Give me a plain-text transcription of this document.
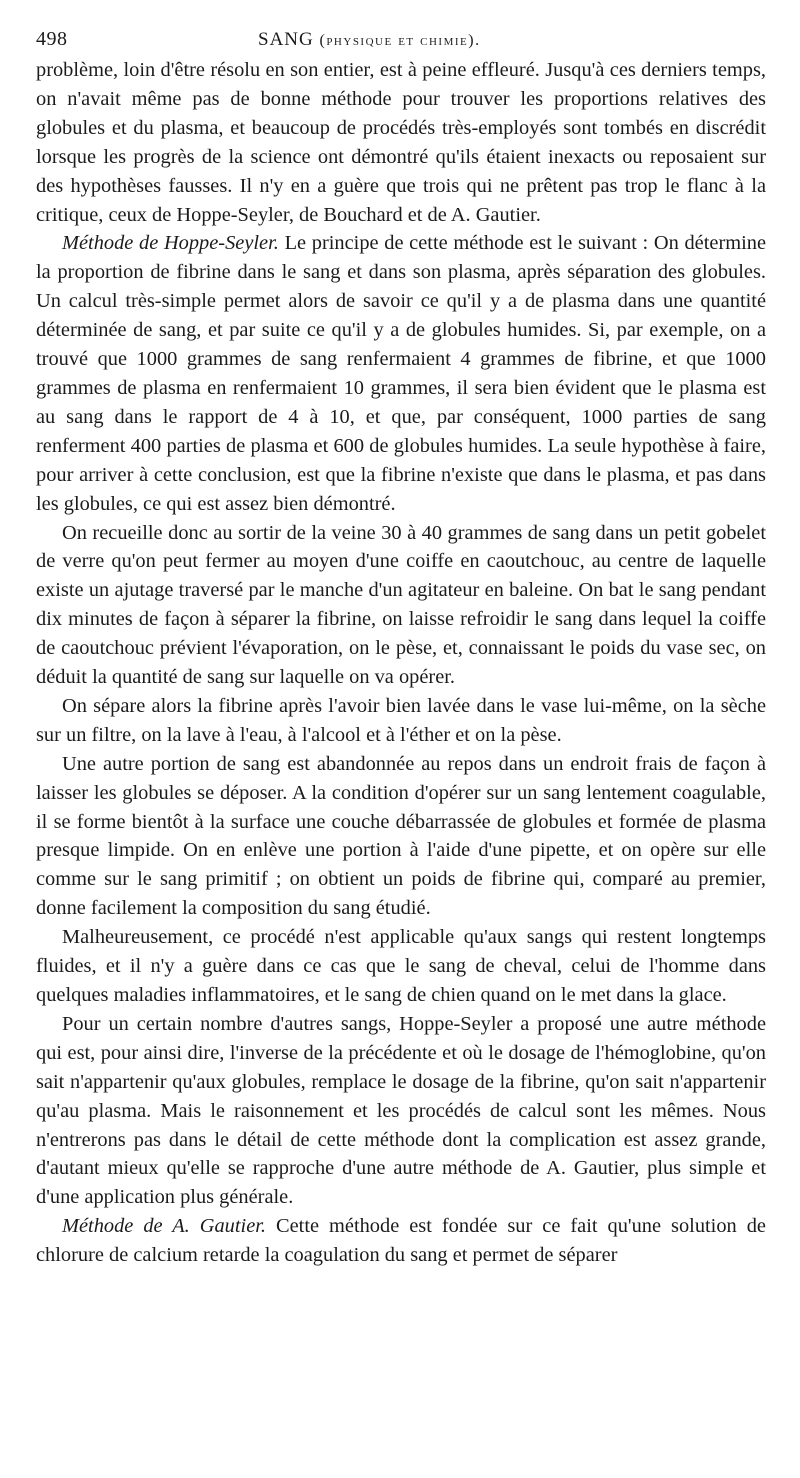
498	SANG (physique et chimie).

problème, loin d'être résolu en son entier, est à peine effleuré. Jusqu'à ces derniers temps, on n'avait même pas de bonne méthode pour trouver les proportions relatives des globules et du plasma, et beaucoup de procédés très-employés sont tombés en discrédit lorsque les progrès de la science ont démontré qu'ils étaient inexacts ou reposaient sur des hypothèses fausses. Il n'y en a guère que trois qui ne prêtent pas trop le flanc à la critique, ceux de Hoppe-Seyler, de Bouchard et de A. Gautier.

Méthode de Hoppe-Seyler. Le principe de cette méthode est le suivant : On détermine la proportion de fibrine dans le sang et dans son plasma, après séparation des globules. Un calcul très-simple permet alors de savoir ce qu'il y a de plasma dans une quantité déterminée de sang, et par suite ce qu'il y a de globules humides. Si, par exemple, on a trouvé que 1000 grammes de sang renfermaient 4 grammes de fibrine, et que 1000 grammes de plasma en renfermaient 10 grammes, il sera bien évident que le plasma est au sang dans le rapport de 4 à 10, et que, par conséquent, 1000 parties de sang renferment 400 parties de plasma et 600 de globules humides. La seule hypothèse à faire, pour arriver à cette conclusion, est que la fibrine n'existe que dans le plasma, et pas dans les globules, ce qui est assez bien démontré.

On recueille donc au sortir de la veine 30 à 40 grammes de sang dans un petit gobelet de verre qu'on peut fermer au moyen d'une coiffe en caoutchouc, au centre de laquelle existe un ajutage traversé par le manche d'un agitateur en baleine. On bat le sang pendant dix minutes de façon à séparer la fibrine, on laisse refroidir le sang dans lequel la coiffe de caoutchouc prévient l'évaporation, on le pèse, et, connaissant le poids du vase sec, on déduit la quantité de sang sur laquelle on va opérer.

On sépare alors la fibrine après l'avoir bien lavée dans le vase lui-même, on la sèche sur un filtre, on la lave à l'eau, à l'alcool et à l'éther et on la pèse.

Une autre portion de sang est abandonnée au repos dans un endroit frais de façon à laisser les globules se déposer. A la condition d'opérer sur un sang lentement coagulable, il se forme bientôt à la surface une couche débarrassée de globules et formée de plasma presque limpide. On en enlève une portion à l'aide d'une pipette, et on opère sur elle comme sur le sang primitif ; on obtient un poids de fibrine qui, comparé au premier, donne facilement la composition du sang étudié.

Malheureusement, ce procédé n'est applicable qu'aux sangs qui restent longtemps fluides, et il n'y a guère dans ce cas que le sang de cheval, celui de l'homme dans quelques maladies inflammatoires, et le sang de chien quand on le met dans la glace.

Pour un certain nombre d'autres sangs, Hoppe-Seyler a proposé une autre méthode qui est, pour ainsi dire, l'inverse de la précédente et où le dosage de l'hémoglobine, qu'on sait n'appartenir qu'aux globules, remplace le dosage de la fibrine, qu'on sait n'appartenir qu'au plasma. Mais le raisonnement et les procédés de calcul sont les mêmes. Nous n'entrerons pas dans le détail de cette méthode dont la complication est assez grande, d'autant mieux qu'elle se rapproche d'une autre méthode de A. Gautier, plus simple et d'une application plus générale.

Méthode de A. Gautier. Cette méthode est fondée sur ce fait qu'une solution de chlorure de calcium retarde la coagulation du sang et permet de séparer
